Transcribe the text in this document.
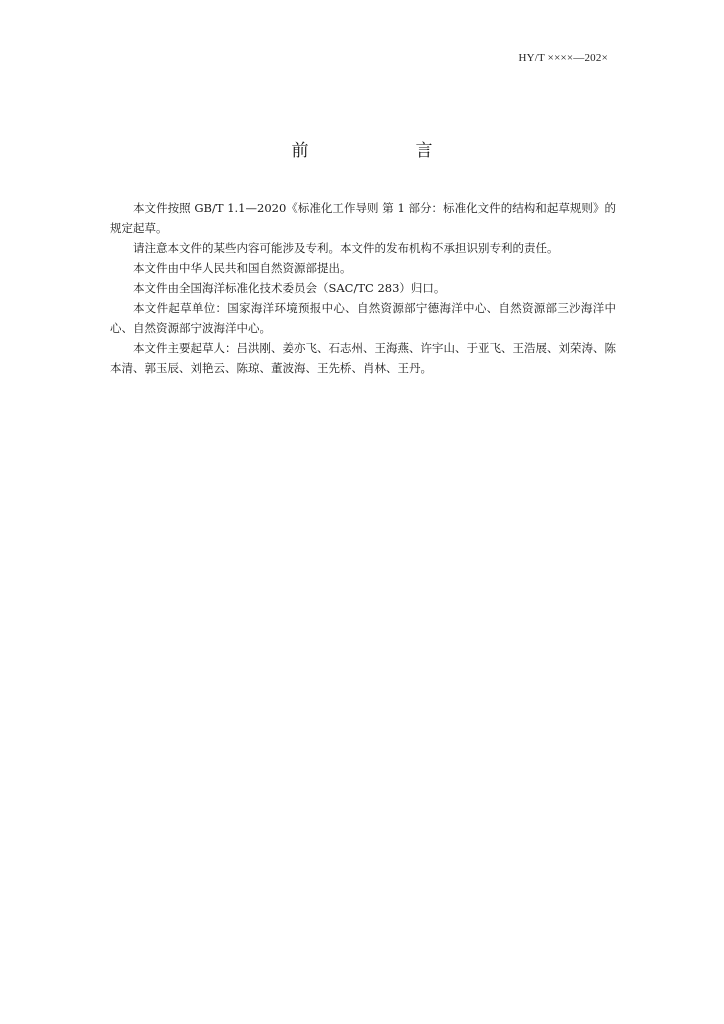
HY/T ××××—202×
前　言

本文件按照 GB/T 1.1—2020《标准化工作导则 第 1 部分：标准化文件的结构和起草规则》的规定起草。

请注意本文件的某些内容可能涉及专利。本文件的发布机构不承担识别专利的责任。

本文件由中华人民共和国自然资源部提出。

本文件由全国海洋标准化技术委员会（SAC/TC 283）归口。

本文件起草单位：国家海洋环境预报中心、自然资源部宁德海洋中心、自然资源部三沙海洋中心、自然资源部宁波海洋中心。

本文件主要起草人：吕洪刚、姜亦飞、石志州、王海燕、许宇山、于亚飞、王浩展、刘荣涛、陈本清、郭玉辰、刘艳云、陈琼、董波海、王先桥、肖林、王丹。
